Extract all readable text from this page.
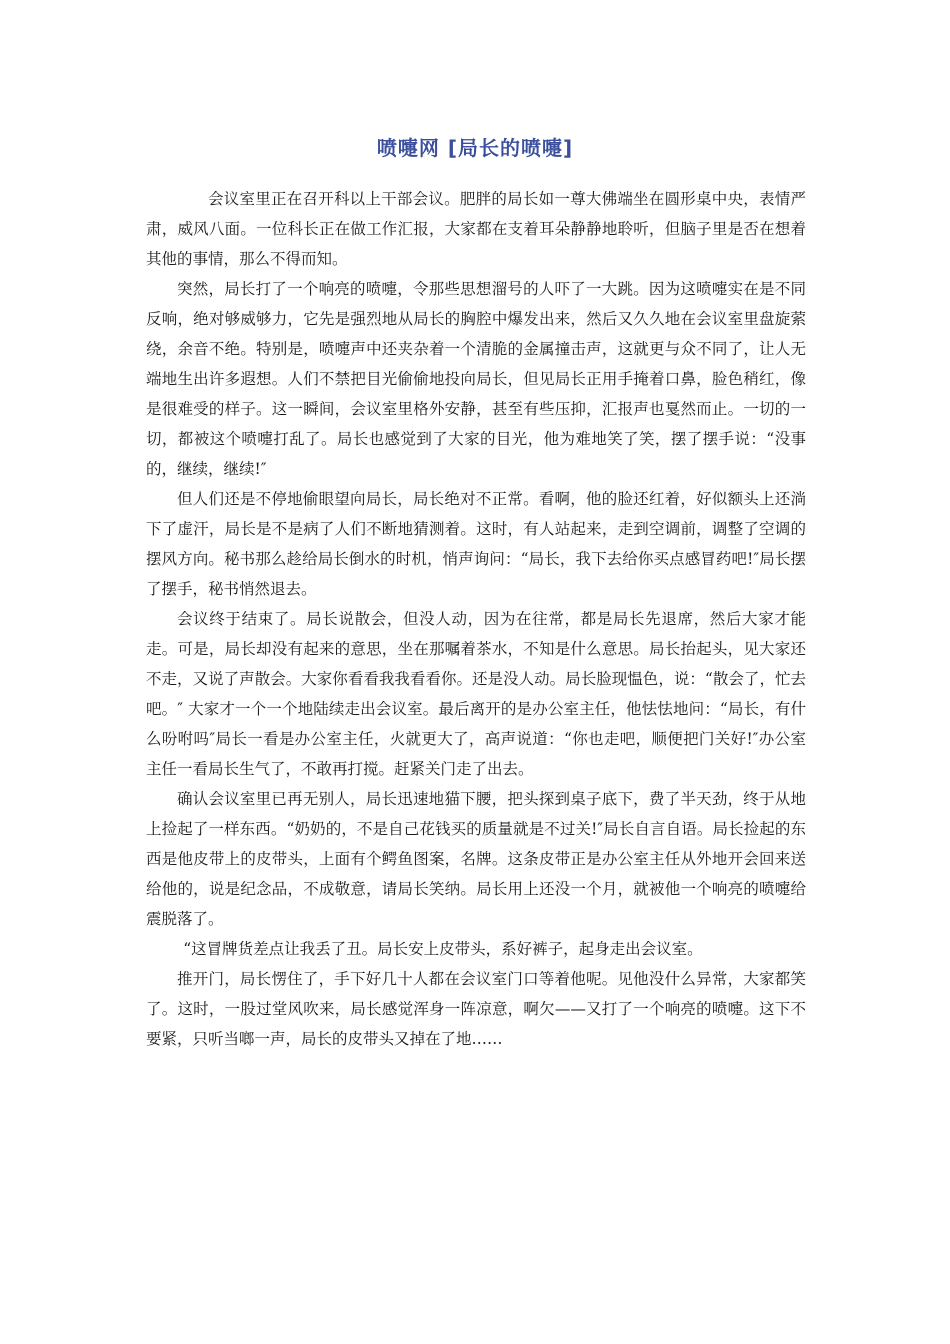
喷嚏网 [局长的喷嚏]

会议室里正在召开科以上干部会议。肥胖的局长如一尊大佛端坐在圆形桌中央，表情严肃，威风八面。一位科长正在做工作汇报，大家都在支着耳朵静静地聆听，但脑子里是否在想着其他的事情，那么不得而知。

突然，局长打了一个响亮的喷嚏，令那些思想溜号的人吓了一大跳。因为这喷嚏实在是不同反响，绝对够威够力，它先是强烈地从局长的胸腔中爆发出来，然后又久久地在会议室里盘旋萦绕，余音不绝。特别是，喷嚏声中还夹杂着一个清脆的金属撞击声，这就更与众不同了，让人无端地生出许多遐想。人们不禁把目光偷偷地投向局长，但见局长正用手掩着口鼻，脸色稍红，像是很难受的样子。这一瞬间，会议室里格外安静，甚至有些压抑，汇报声也戛然而止。一切的一切，都被这个喷嚏打乱了。局长也感觉到了大家的目光，他为难地笑了笑，摆了摆手说：“没事的，继续，继续!″

但人们还是不停地偷眼望向局长，局长绝对不正常。看啊，他的脸还红着，好似额头上还淌下了虚汗，局长是不是病了人们不断地猜测着。这时，有人站起来，走到空调前，调整了空调的摆风方向。秘书那么趁给局长倒水的时机，悄声询问：“局长，我下去给你买点感冒药吧!″局长摆了摆手，秘书悄然退去。

会议终于结束了。局长说散会，但没人动，因为在往常，都是局长先退席，然后大家才能走。可是，局长却没有起来的意思，坐在那嘱着茶水，不知是什么意思。局长抬起头，见大家还不走，又说了声散会。大家你看看我我看看你。还是没人动。局长脸现愠色，说：“散会了，忙去吧。″ 大家才一个一个地陆续走出会议室。最后离开的是办公室主任，他怯怯地问：“局长，有什么吩咐吗″局长一看是办公室主任，火就更大了，高声说道：“你也走吧，顺便把门关好!″办公室主任一看局长生气了，不敢再打搅。赶紧关门走了出去。

确认会议室里已再无别人，局长迅速地猫下腰，把头探到桌子底下，费了半天劲，终于从地上捡起了一样东西。“奶奶的，不是自己花钱买的质量就是不过关!″局长自言自语。局长捡起的东西是他皮带上的皮带头，上面有个鳄鱼图案，名牌。这条皮带正是办公室主任从外地开会回来送给他的，说是纪念品，不成敬意，请局长笑纳。局长用上还没一个月，就被他一个响亮的喷嚏给震脱落了。

“这冒牌货差点让我丢了丑。局长安上皮带头，系好裤子，起身走出会议室。

推开门，局长愣住了，手下好几十人都在会议室门口等着他呢。见他没什么异常，大家都笑了。这时，一股过堂风吹来，局长感觉浑身一阵凉意，啊欠——又打了一个响亮的喷嚏。这下不要紧，只听当啷一声，局长的皮带头又掉在了地……
